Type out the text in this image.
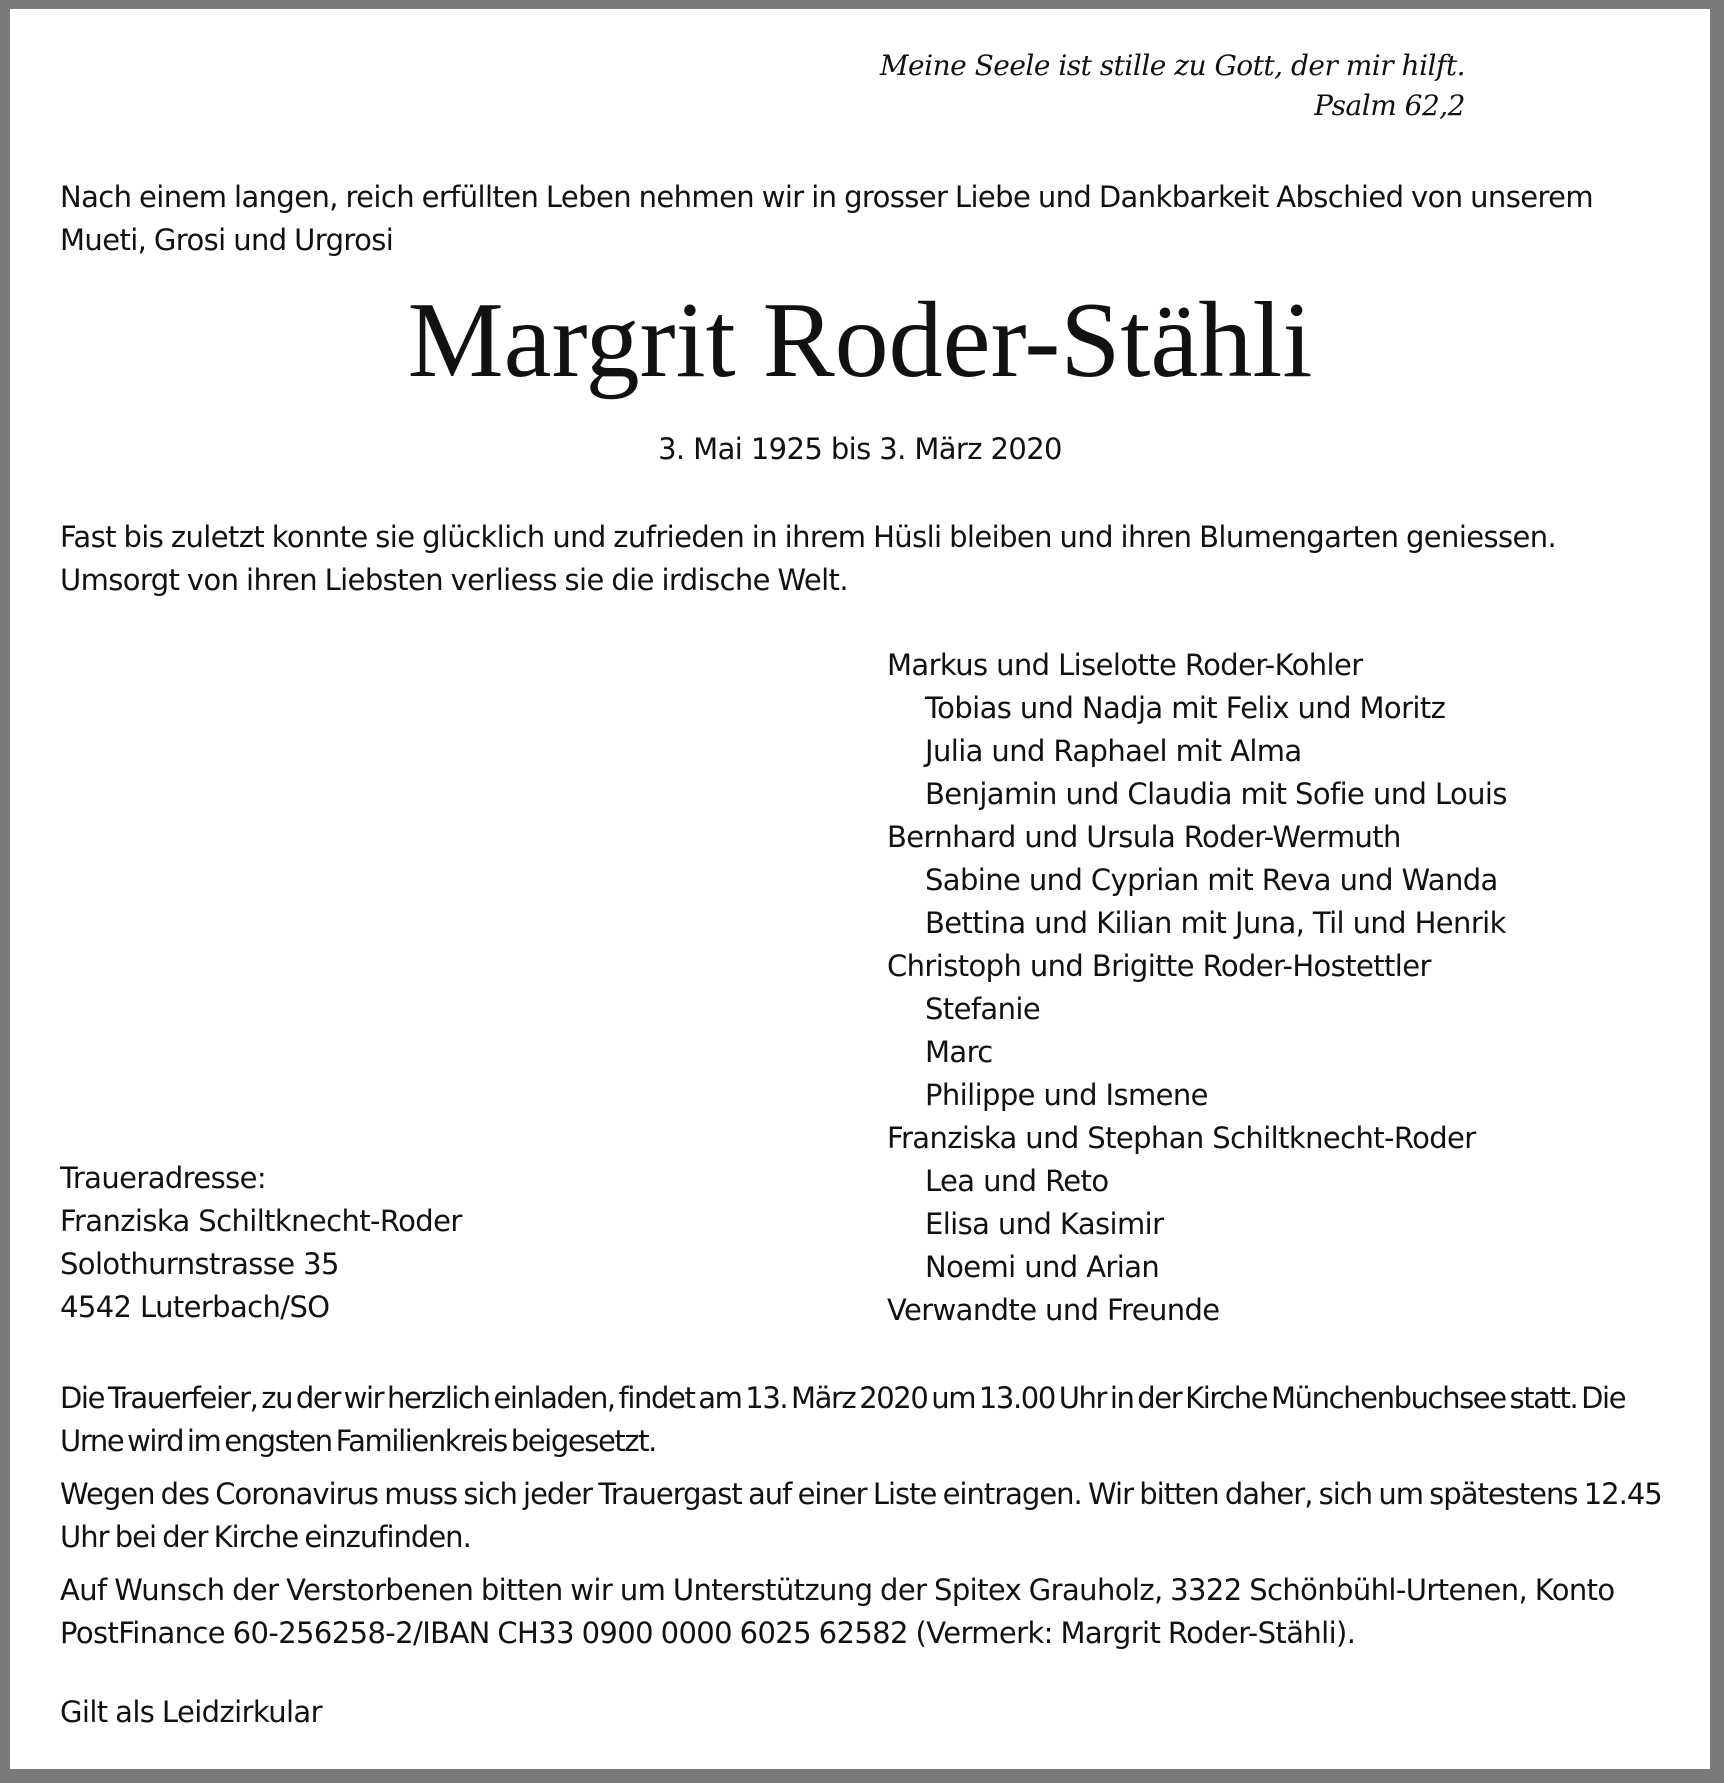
Meine Seele ist stille zu Gott, der mir hilft.
Psalm 62,2
Nach einem langen, reich erfüllten Leben nehmen wir in grosser Liebe und Dankbarkeit Abschied von unserem Mueti, Grosi und Urgrosi
Margrit Roder-Stähli
3. Mai 1925 bis 3. März 2020
Fast bis zuletzt konnte sie glücklich und zufrieden in ihrem Hüsli bleiben und ihren Blumengarten geniessen. Umsorgt von ihren Liebsten verliess sie die irdische Welt.
Markus und Liselotte Roder-Kohler
Tobias und Nadja mit Felix und Moritz
Julia und Raphael mit Alma
Benjamin und Claudia mit Sofie und Louis
Bernhard und Ursula Roder-Wermuth
Sabine und Cyprian mit Reva und Wanda
Bettina und Kilian mit Juna, Til und Henrik
Christoph und Brigitte Roder-Hostettler
Stefanie
Marc
Philippe und Ismene
Franziska und Stephan Schiltknecht-Roder
Lea und Reto
Elisa und Kasimir
Noemi und Arian
Verwandte und Freunde
Traueradresse:
Franziska Schiltknecht-Roder
Solothurnstrasse 35
4542 Luterbach/SO
Die Trauerfeier, zu der wir herzlich einladen, findet am 13. März 2020 um 13.00 Uhr in der Kirche Münchenbuchsee statt. Die Urne wird im engsten Familienkreis beigesetzt.
Wegen des Coronavirus muss sich jeder Trauergast auf einer Liste eintragen. Wir bitten daher, sich um spätestens 12.45 Uhr bei der Kirche einzufinden.
Auf Wunsch der Verstorbenen bitten wir um Unterstützung der Spitex Grauholz, 3322 Schönbühl-Urtenen, Konto PostFinance 60-256258-2/IBAN CH33 0900 0000 6025 62582 (Vermerk: Margrit Roder-Stähli).
Gilt als Leidzirkular
